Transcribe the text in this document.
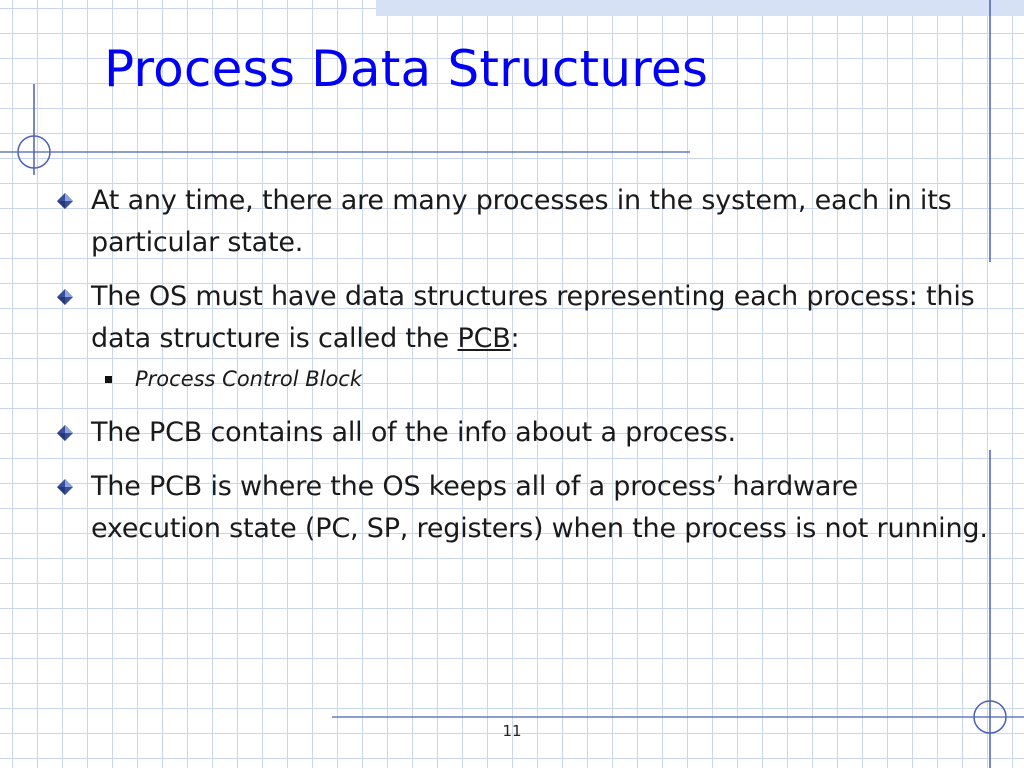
Process Data Structures
At any time, there are many processes in the system, each in its particular state.
The OS must have data structures representing each process: this data structure is called the PCB:
Process Control Block
The PCB contains all of the info about a process.
The PCB is where the OS keeps all of a process’ hardware execution state (PC, SP, registers) when the process is not running.
11
